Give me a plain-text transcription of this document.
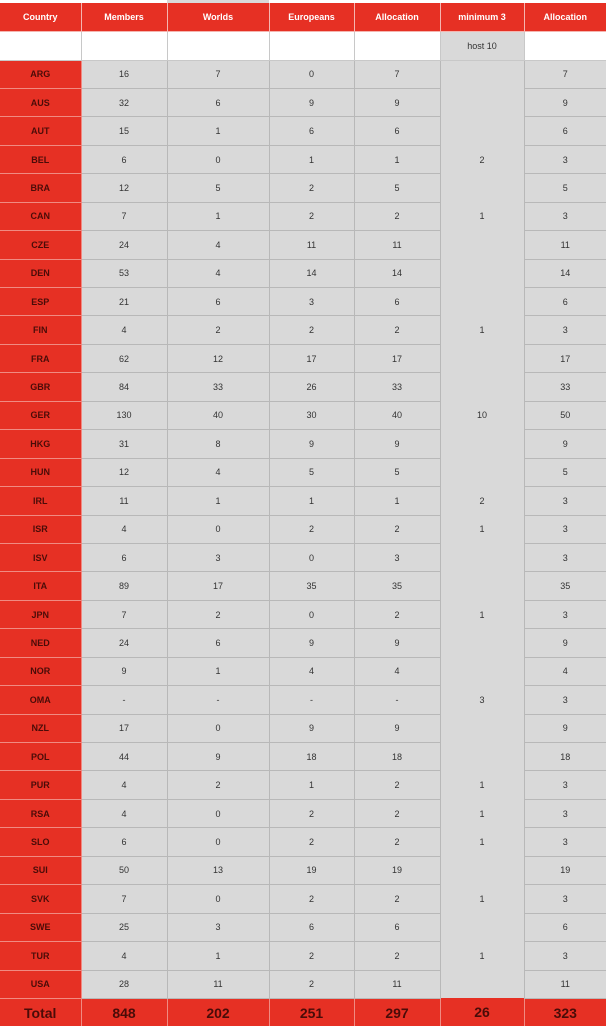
Country	Members	Worlds	Europeans	Allocation	minimum 3	Allocation
					host 10	
ARG	16	7	0	7		7
AUS	32	6	9	9		9
AUT	15	1	6	6		6
BEL	6	0	1	1	2	3
BRA	12	5	2	5		5
CAN	7	1	2	2	1	3
CZE	24	4	11	11		11
DEN	53	4	14	14		14
ESP	21	6	3	6		6
FIN	4	2	2	2	1	3
FRA	62	12	17	17		17
GBR	84	33	26	33		33
GER	130	40	30	40	10	50
HKG	31	8	9	9		9
HUN	12	4	5	5		5
IRL	11	1	1	1	2	3
ISR	4	0	2	2	1	3
ISV	6	3	0	3		3
ITA	89	17	35	35		35
JPN	7	2	0	2	1	3
NED	24	6	9	9		9
NOR	9	1	4	4		4
OMA	-	-	-	-	3	3
NZL	17	0	9	9		9
POL	44	9	18	18		18
PUR	4	2	1	2	1	3
RSA	4	0	2	2	1	3
SLO	6	0	2	2	1	3
SUI	50	13	19	19		19
SVK	7	0	2	2	1	3
SWE	25	3	6	6		6
TUR	4	1	2	2	1	3
USA	28	11	2	11		11
Total	848	202	251	297	26	323
